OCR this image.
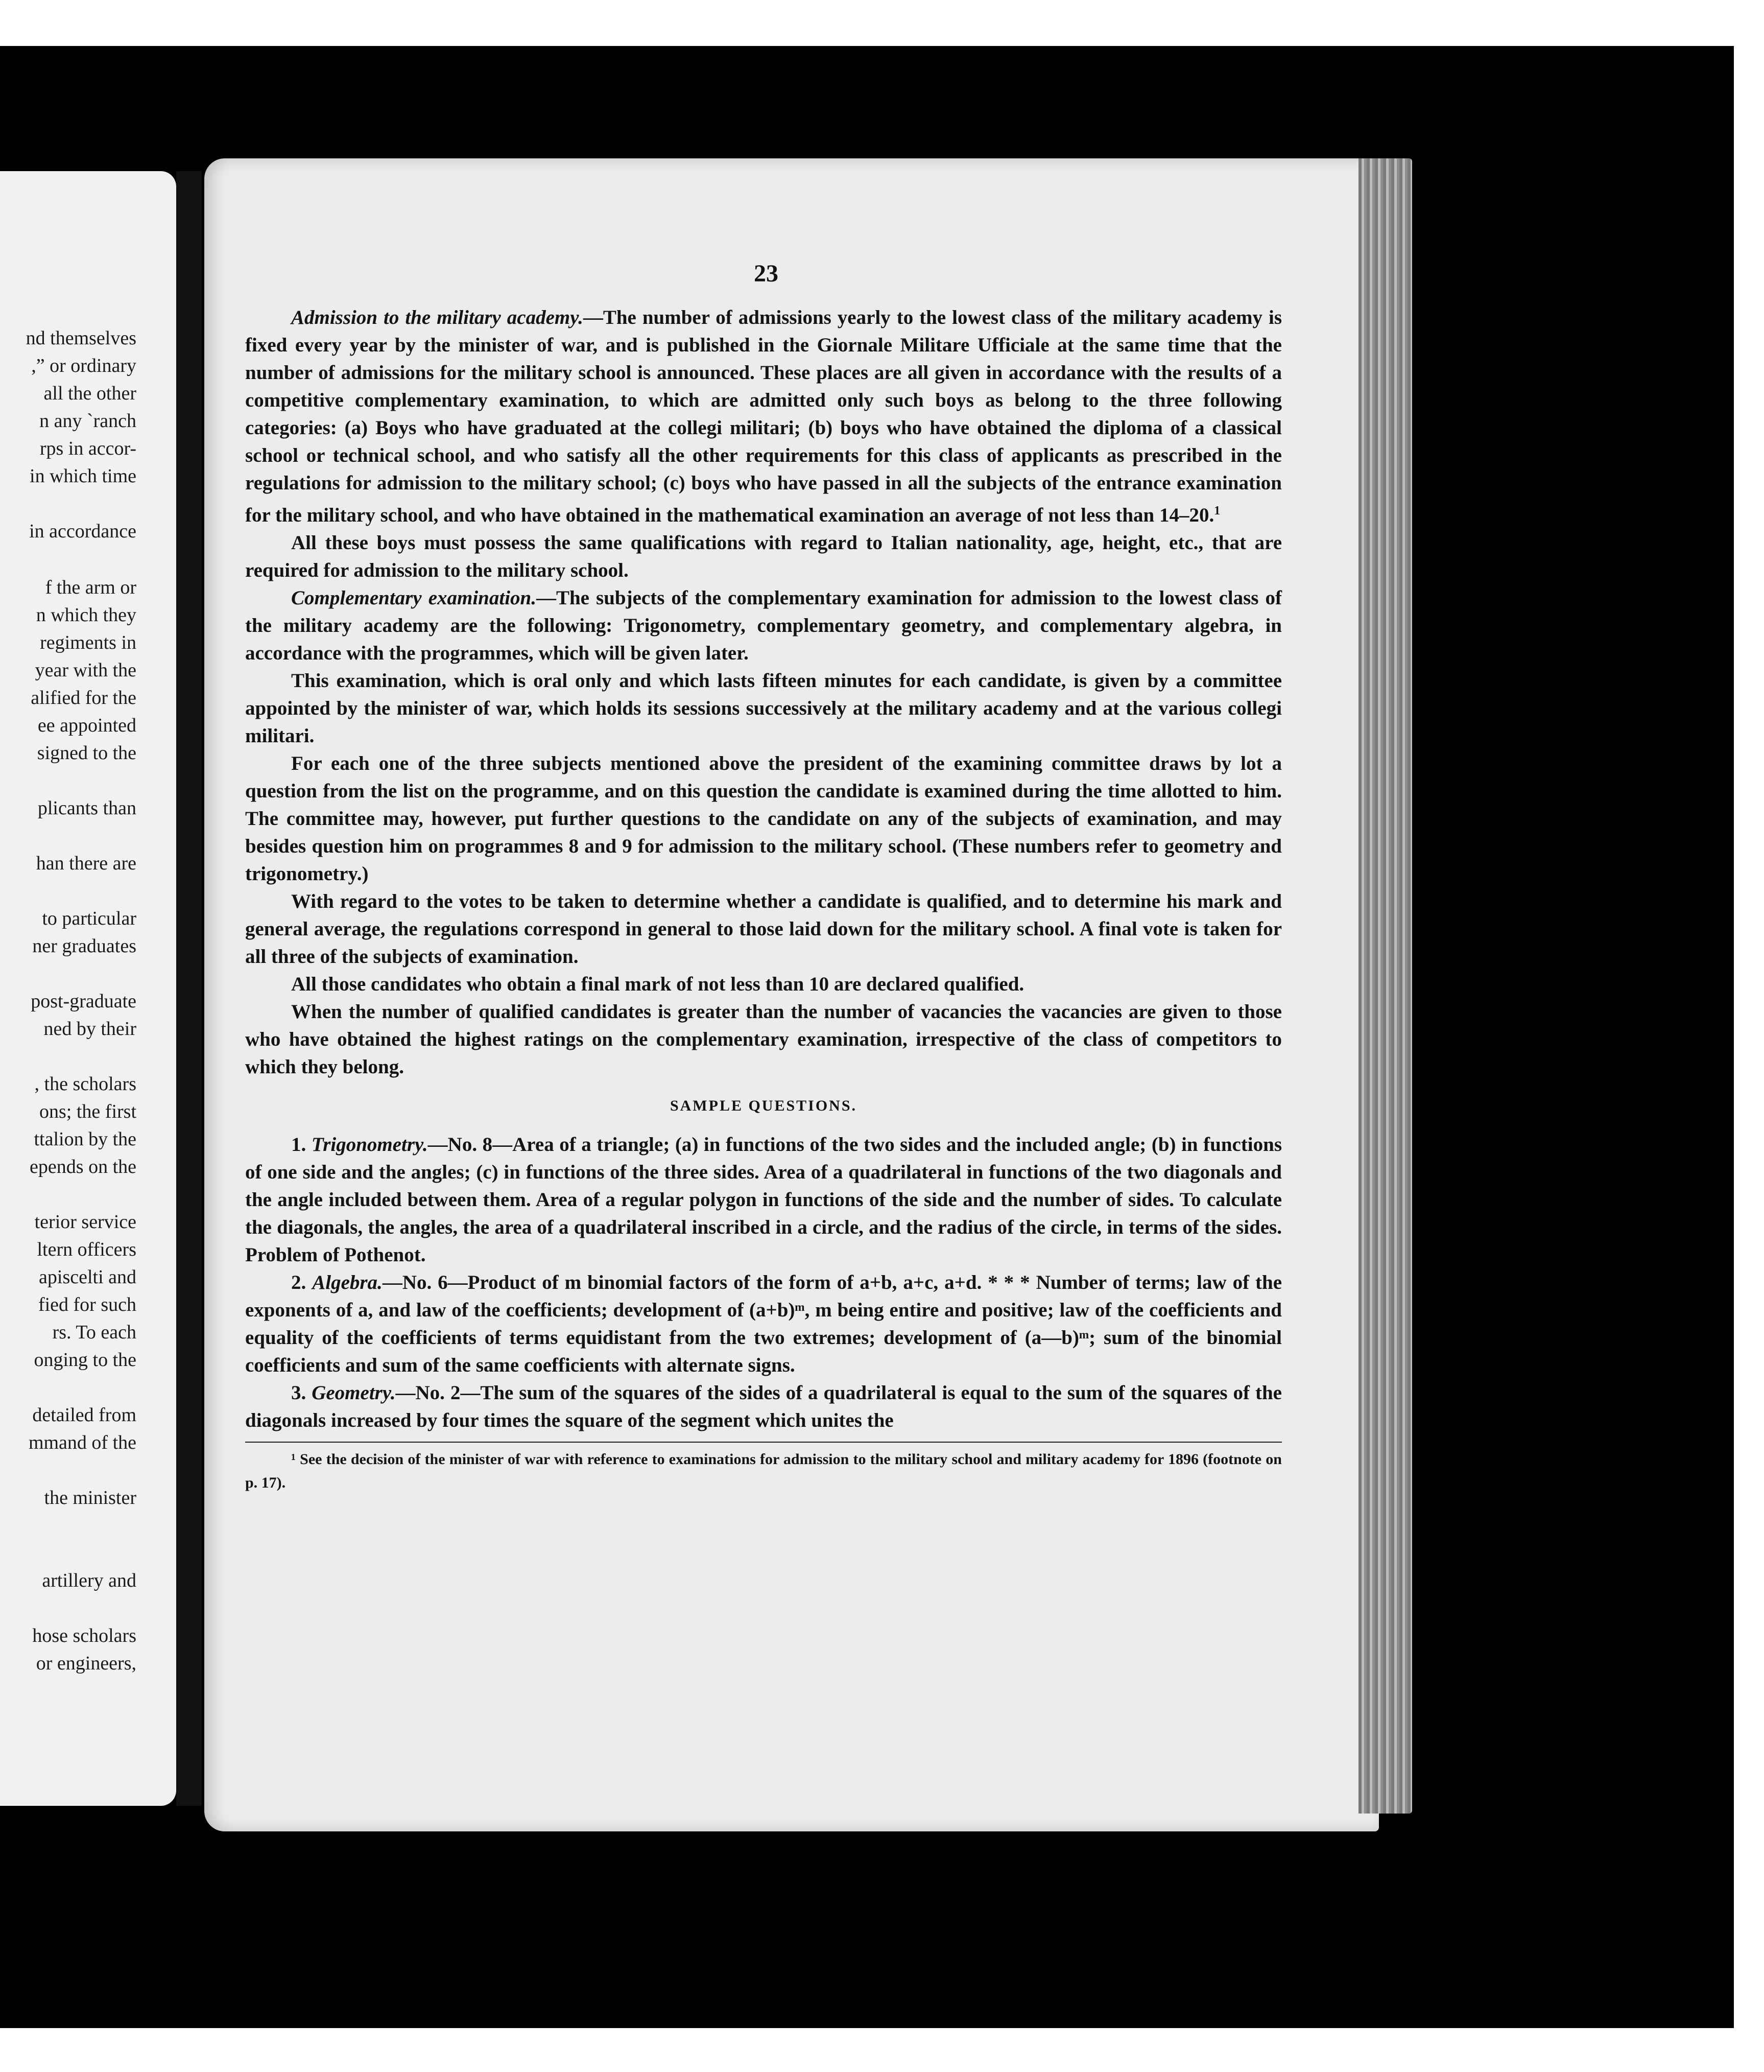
nd themselves

,” or ordinary

all the other

n any ˋranch

rps in accor-

in which time

in accordance

f the arm or

n which they

regiments in

year with the

alified for the

ee appointed

signed to the

plicants than

han there are

to particular

ner graduates

post-graduate

ned by their

, the scholars

ons; the first

ttalion by the

epends on the

terior service

ltern officers

apiscelti and

fied for such

rs. To each

onging to the

detailed from

mmand of the

 the minister

artillery and

hose scholars

or engineers,

23

Admission to the military academy.—The number of admissions yearly to the lowest class of the military academy is fixed every year by the minister of war, and is published in the Giornale Militare Ufficiale at the same time that the number of admissions for the military school is announced. These places are all given in accordance with the results of a competitive complementary examination, to which are admitted only such boys as belong to the three following categories: (a) Boys who have graduated at the collegi militari; (b) boys who have obtained the diploma of a classical school or technical school, and who satisfy all the other requirements for this class of applicants as prescribed in the regulations for admission to the military school; (c) boys who have passed in all the subjects of the entrance examination for the military school, and who have obtained in the mathematical examination an average of not less than 14–20.$^1$

All these boys must possess the same qualifications with regard to Italian nationality, age, height, etc., that are required for admission to the military school.

Complementary examination.—The subjects of the complementary examination for admission to the lowest class of the military academy are the following: Trigonometry, complementary geometry, and complementary algebra, in accordance with the programmes, which will be given later.

This examination, which is oral only and which lasts fifteen minutes for each candidate, is given by a committee appointed by the minister of war, which holds its sessions successively at the military academy and at the various collegi militari.

For each one of the three subjects mentioned above the president of the examining committee draws by lot a question from the list on the programme, and on this question the candidate is examined during the time allotted to him. The committee may, however, put further questions to the candidate on any of the subjects of examination, and may besides question him on programmes 8 and 9 for admission to the military school. (These numbers refer to geometry and trigonometry.)

With regard to the votes to be taken to determine whether a candidate is qualified, and to determine his mark and general average, the regulations correspond in general to those laid down for the military school. A final vote is taken for all three of the subjects of examination.

All those candidates who obtain a final mark of not less than 10 are declared qualified.

When the number of qualified candidates is greater than the number of vacancies the vacancies are given to those who have obtained the highest ratings on the complementary examination, irrespective of the class of competitors to which they belong.

SAMPLE QUESTIONS.

1. Trigonometry.—No. 8—Area of a triangle; (a) in functions of the two sides and the included angle; (b) in functions of one side and the angles; (c) in functions of the three sides. Area of a quadrilateral in functions of the two diagonals and the angle included between them. Area of a regular polygon in functions of the side and the number of sides. To calculate the diagonals, the angles, the area of a quadrilateral inscribed in a circle, and the radius of the circle, in terms of the sides. Problem of Pothenot.

2. Algebra.—No. 6—Product of m binomial factors of the form of a+b, a+c, a+d. * * * Number of terms; law of the exponents of a, and law of the coefficients; development of (a+b)ᵐ, m being entire and positive; law of the coefficients and equality of the coefficients of terms equidistant from the two extremes; development of (a—b)ᵐ; sum of the binomial coefficients and sum of the same coefficients with alternate signs.

3. Geometry.—No. 2—The sum of the squares of the sides of a quadrilateral is equal to the sum of the squares of the diagonals increased by four times the square of the segment which unites the

¹ See the decision of the minister of war with reference to examinations for admission to the military school and military academy for 1896 (footnote on p. 17).
